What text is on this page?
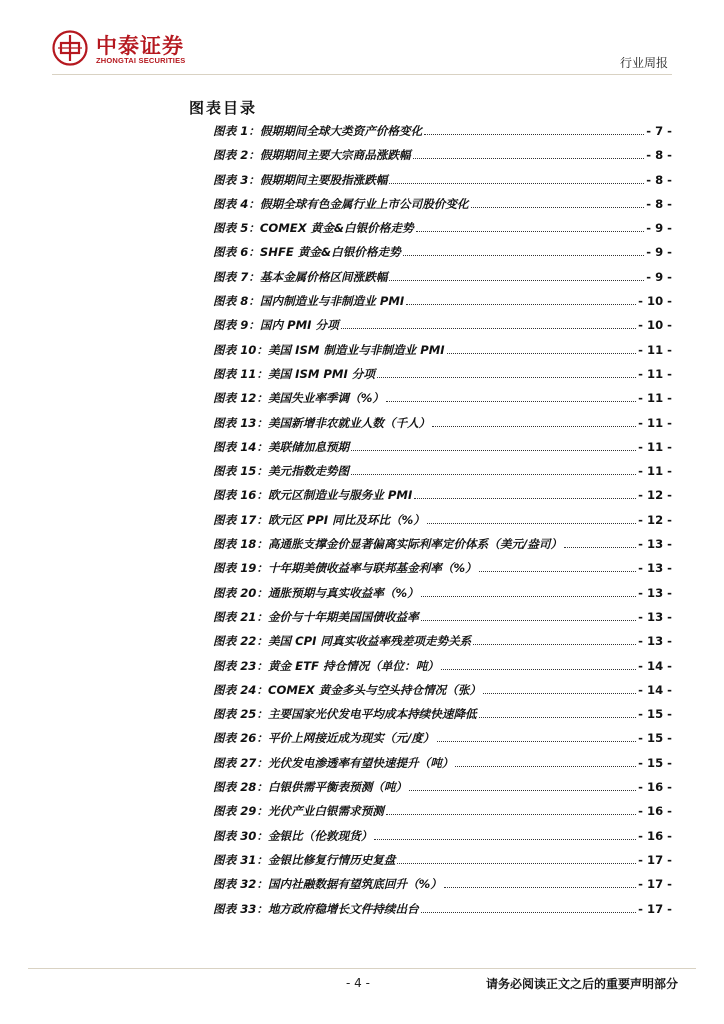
中泰证券
ZHONGTAI SECURITIES	行业周报
图表目录
图表 1：假期期间全球大类资产价格变化	- 7 -
图表 2：假期期间主要大宗商品涨跌幅	- 8 -
图表 3：假期期间主要股指涨跌幅	- 8 -
图表 4：假期全球有色金属行业上市公司股价变化	- 8 -
图表 5：COMEX 黄金&白银价格走势	- 9 -
图表 6：SHFE 黄金&白银价格走势	- 9 -
图表 7：基本金属价格区间涨跌幅	- 9 -
图表 8：国内制造业与非制造业 PMI	- 10 -
图表 9：国内 PMI 分项	- 10 -
图表 10：美国 ISM 制造业与非制造业 PMI	- 11 -
图表 11：美国 ISM PMI 分项	- 11 -
图表 12：美国失业率季调（%）	- 11 -
图表 13：美国新增非农就业人数（千人）	- 11 -
图表 14：美联储加息预期	- 11 -
图表 15：美元指数走势图	- 11 -
图表 16：欧元区制造业与服务业 PMI	- 12 -
图表 17：欧元区 PPI 同比及环比（%）	- 12 -
图表 18：高通胀支撑金价显著偏离实际利率定价体系（美元/盎司）	- 13 -
图表 19：十年期美债收益率与联邦基金利率（%）	- 13 -
图表 20：通胀预期与真实收益率（%）	- 13 -
图表 21：金价与十年期美国国债收益率	- 13 -
图表 22：美国 CPI 同真实收益率残差项走势关系	- 13 -
图表 23：黄金 ETF 持仓情况（单位：吨）	- 14 -
图表 24：COMEX 黄金多头与空头持仓情况（张）	- 14 -
图表 25：主要国家光伏发电平均成本持续快速降低	- 15 -
图表 26：平价上网接近成为现实（元/度）	- 15 -
图表 27：光伏发电渗透率有望快速提升（吨）	- 15 -
图表 28：白银供需平衡表预测（吨）	- 16 -
图表 29：光伏产业白银需求预测	- 16 -
图表 30：金银比（伦敦现货）	- 16 -
图表 31：金银比修复行情历史复盘	- 17 -
图表 32：国内社融数据有望筑底回升（%）	- 17 -
图表 33：地方政府稳增长文件持续出台	- 17 -
- 4 -	请务必阅读正文之后的重要声明部分
